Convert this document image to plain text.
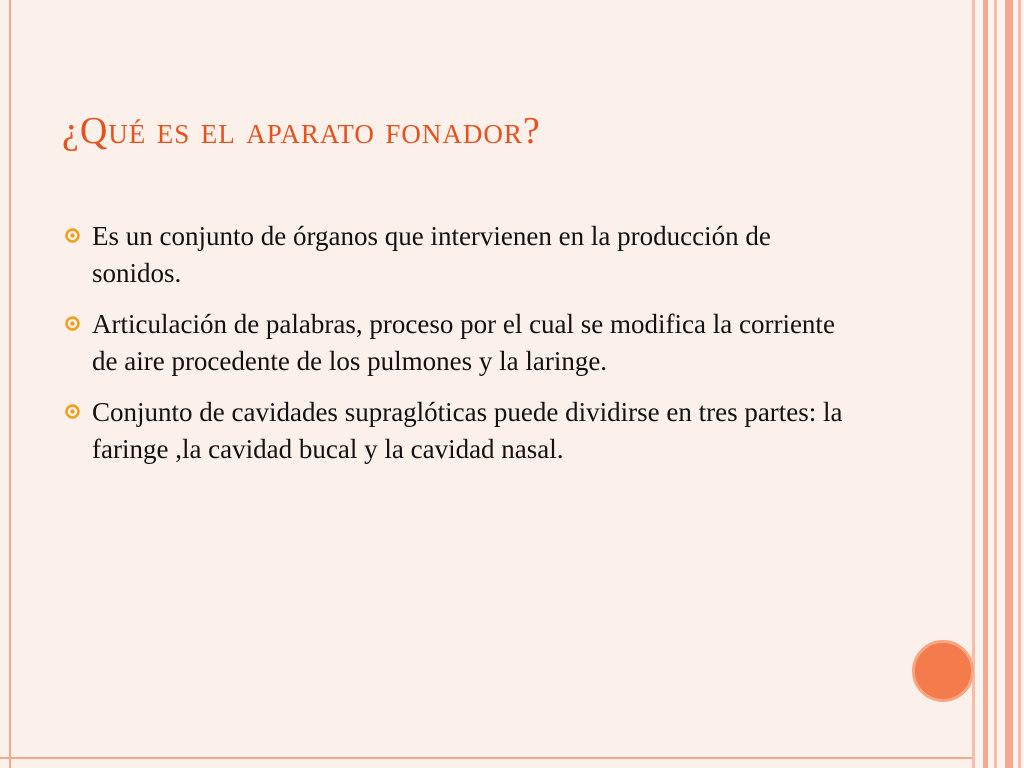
¿Qué es el aparato fonador?
Es un conjunto de órganos que intervienen en la producción de sonidos.
Articulación de palabras, proceso por el cual se modifica la corriente de aire procedente de los pulmones y la laringe.
Conjunto de cavidades supraglóticas puede dividirse en tres partes: la faringe ,la cavidad bucal y la cavidad nasal.
